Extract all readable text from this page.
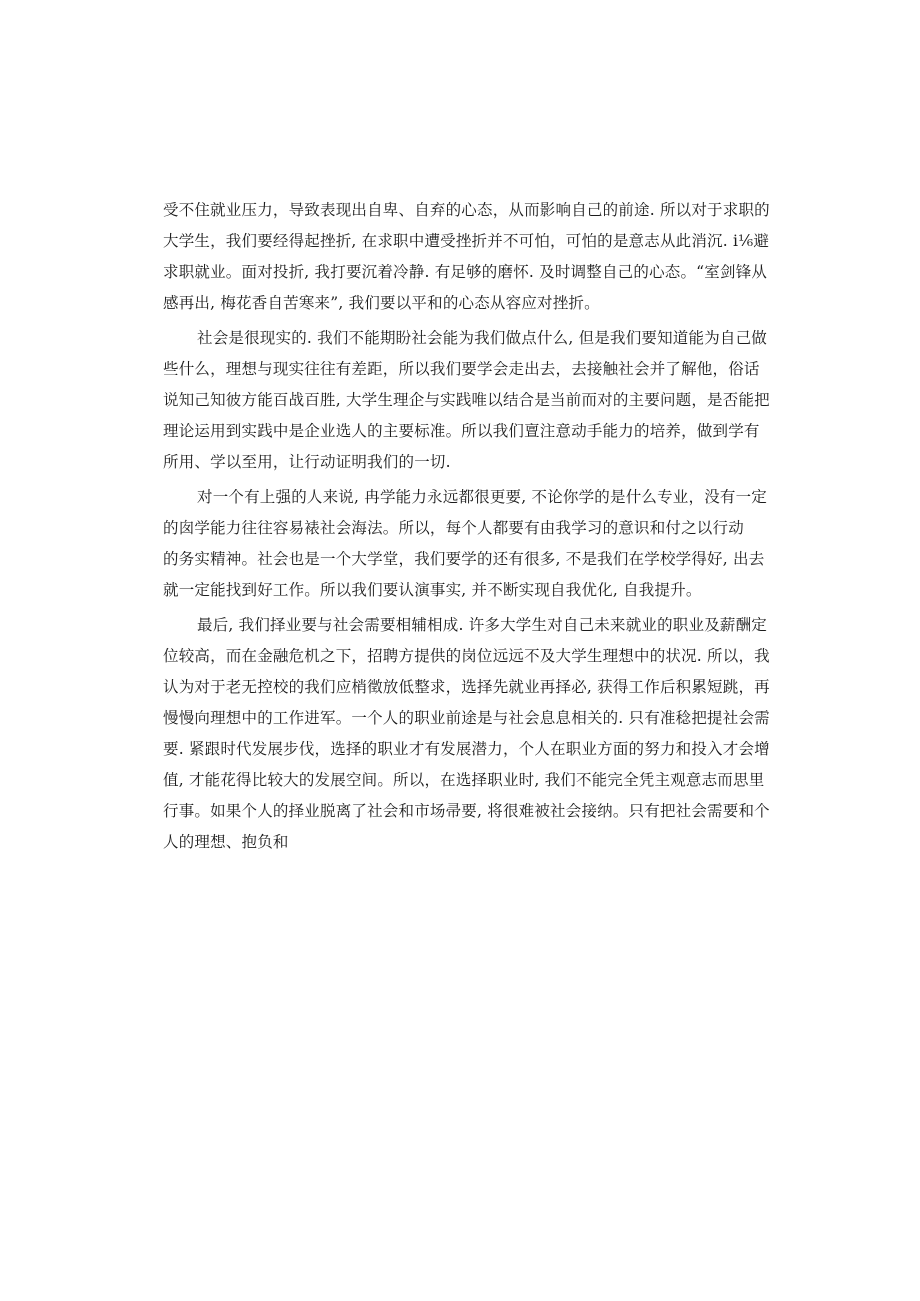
受不住就业压力，导致表现出自卑、自弃的心态，从而影响自己的前途. 所以对于求职的
大学生，我们要经得起挫折, 在求职中遭受挫折并不可怕，可怕的是意志从此消沉. i⅙避
求职就业。面对投折, 我打要沉着冷静. 有足够的磨怀. 及时调整自己的心态。“室剑锋从
感再出, 梅花香自苦寒来”, 我们要以平和的心态从容应对挫折。
社会是很现实的. 我们不能期盼社会能为我们做点什么, 但是我们要知道能为自己做
些什么，理想与现实往往有差距，所以我们要学会走出去，去接触社会并了解他，俗话
说知己知彼方能百战百胜, 大学生理企与实践唯以结合是当前而对的主要问题，是否能把
理论运用到实践中是企业选人的主要标准。所以我们亶注意动手能力的培养，做到学有
所用、学以至用，让行动证明我们的一切.
对一个有上强的人来说, 冉学能力永远都很更要, 不论你学的是什么专业，没有一定
的囱学能力往往容易裱社会海法。所以，每个人都要有由我学习的意识和付之以行动
的务实精神。社会也是一个大学堂，我们要学的还有很多, 不是我们在学校学得好, 出去
就一定能找到好工作。所以我们要认演事实, 并不断实现自我优化, 自我提升。
最后, 我们择业要与社会需要相辅相成. 许多大学生对自己未来就业的职业及薪酬定
位较高，而在金融危机之下，招聘方提供的岗位远远不及大学生理想中的状况. 所以，我
认为对于老无控校的我们应梢徵放低整求，选择先就业再择必, 获得工作后积累短跳，再
慢慢向理想中的工作进军。一个人的职业前途是与社会息息相关的. 只有准稔把提社会需
要. 紧跟时代发展步伐，选择的职业才有发展潜力，个人在职业方面的努力和投入才会增
值, 才能花得比较大的发展空间。所以，在选择职业时, 我们不能完全凭主观意志而思里
行事。如果个人的择业脱离了社会和市场帚要, 将很难被社会接纳。只有把社会需要和个
人的理想、抱负和
